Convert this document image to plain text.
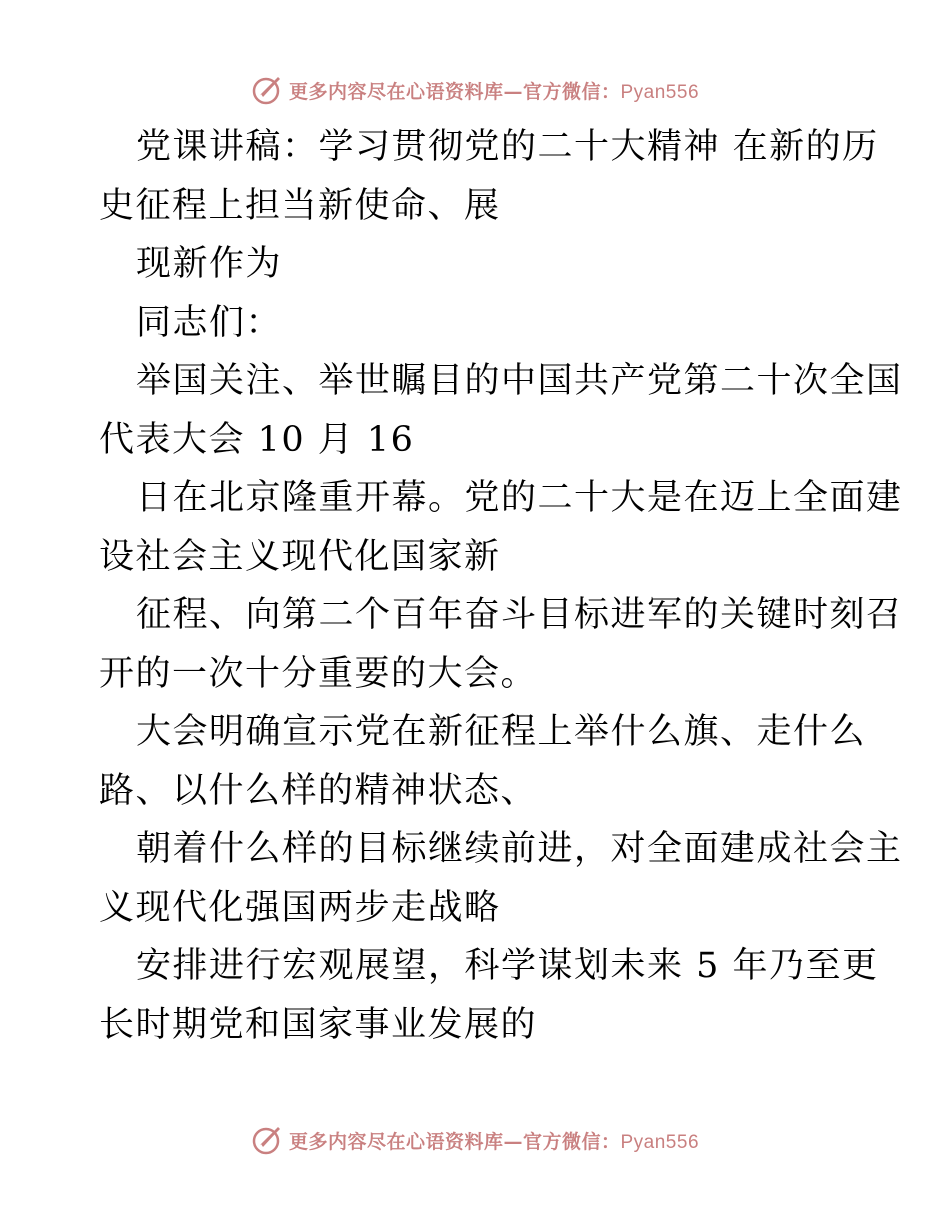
更多内容尽在心语资料库—官方微信：Pyan556
党课讲稿：学习贯彻党的二十大精神 在新的历
史征程上担当新使命、展
现新作为
同志们：
举国关注、举世瞩目的中国共产党第二十次全国
代表大会 10 月 16
日在北京隆重开幕。党的二十大是在迈上全面建
设社会主义现代化国家新
征程、向第二个百年奋斗目标进军的关键时刻召
开的一次十分重要的大会。
大会明确宣示党在新征程上举什么旗、走什么
路、以什么样的精神状态、
朝着什么样的目标继续前进，对全面建成社会主
义现代化强国两步走战略
安排进行宏观展望，科学谋划未来 5 年乃至更
长时期党和国家事业发展的
更多内容尽在心语资料库—官方微信：Pyan556
